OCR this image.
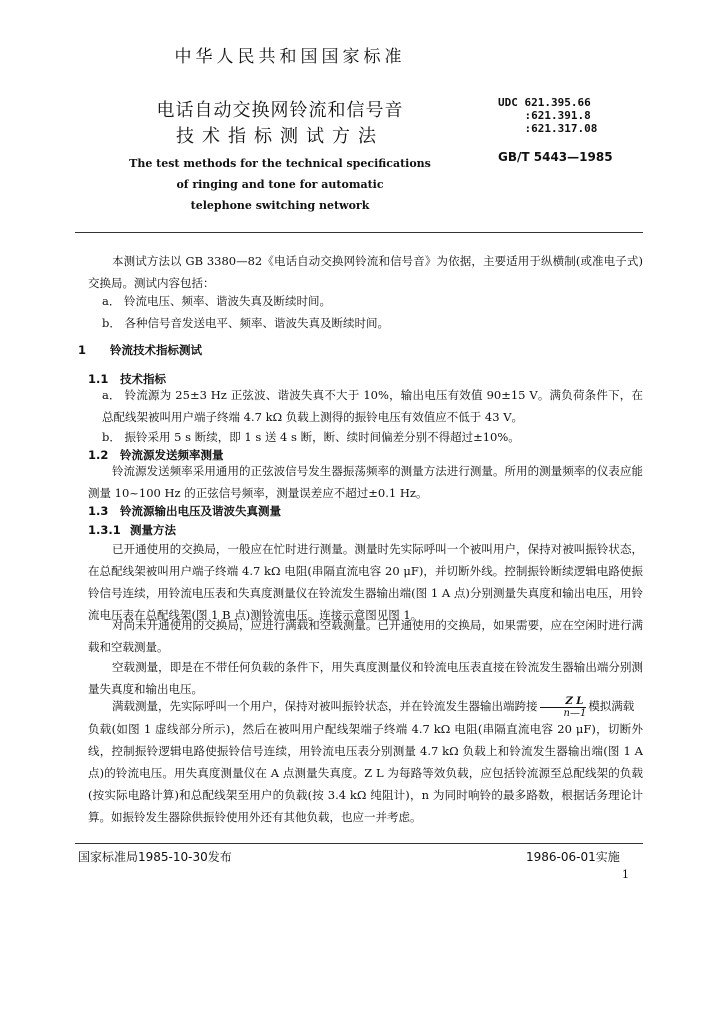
中华人民共和国国家标准
电话自动交换网铃流和信号音
技术指标测试方法
The test methods for the technical specifications
of ringing and tone for automatic
telephone switching network
UDC 621.395.66
:621.391.8
:621.317.08
GB/T 5443—1985
本测试方法以 GB 3380—82《电话自动交换网铃流和信号音》为依据，主要适用于纵横制(或准电子式)交换局。测试内容包括：
a． 铃流电压、频率、谐波失真及断续时间。
b． 各种信号音发送电平、频率、谐波失真及断续时间。
1 铃流技术指标测试
1.1 技术指标
a． 铃流源为 25±3 Hz 正弦波、谐波失真不大于 10%，输出电压有效值 90±15 V。满负荷条件下，在总配线架被叫用户端子终端 4.7 kΩ 负载上测得的振铃电压有效值应不低于 43 V。
b． 振铃采用 5 s 断续，即 1 s 送 4 s 断，断、续时间偏差分别不得超过±10%。
1.2 铃流源发送频率测量
铃流源发送频率采用通用的正弦波信号发生器振荡频率的测量方法进行测量。所用的测量频率的仪表应能测量 10~100 Hz 的正弦信号频率，测量误差应不超过±0.1 Hz。
1.3 铃流源输出电压及谐波失真测量
1.3.1 测量方法
已开通使用的交换局，一般应在忙时进行测量。测量时先实际呼叫一个被叫用户，保持对被叫振铃状态，在总配线架被叫用户端子终端 4.7 kΩ 电阻(串隔直流电容 20 μF)，并切断外线。控制振铃断续逻辑电路使振铃信号连续，用铃流电压表和失真度测量仪在铃流发生器输出端(图 1 A 点)分别测量失真度和输出电压，用铃流电压表在总配线架(图 1 B 点)测铃流电压。连接示意图见图 1。
对尚未开通使用的交换局，应进行满载和空载测量。已开通使用的交换局，如果需要，应在空闲时进行满载和空载测量。
空载测量，即是在不带任何负载的条件下，用失真度测量仪和铃流电压表直接在铃流发生器输出端分别测量失真度和输出电压。
满载测量，先实际呼叫一个用户，保持对被叫振铃状态，并在铃流发生器输出端跨接 $\frac{\text{Z L}}{n—1}$ 模拟满载
负载(如图 1 虚线部分所示)，然后在被叫用户配线架端子终端 4.7 kΩ 电阻(串隔直流电容 20 μF)，切断外线，控制振铃逻辑电路使振铃信号连续，用铃流电压表分别测量 4.7 kΩ 负载上和铃流发生器输出端(图 1 A 点)的铃流电压。用失真度测量仪在 A 点测量失真度。Z L 为每路等效负载，应包括铃流源至总配线架的负载(按实际电路计算)和总配线架至用户的负载(按 3.4 kΩ 纯阻计)，n 为同时响铃的最多路数，根据话务理论计算。如振铃发生器除供振铃使用外还有其他负载，也应一并考虑。
国家标准局1985-10-30发布	1986-06-01实施
1
